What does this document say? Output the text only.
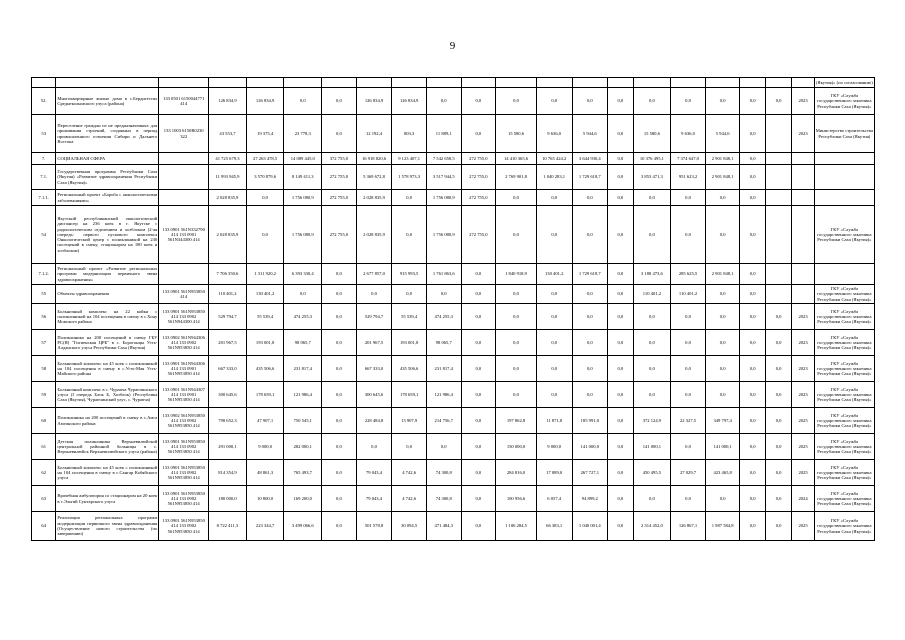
9
																					(Якутия)» (по согласованию)
52.	Многоквартирные жилые дома в с.Бердигестях Среднеколымского улуса (района)	133 0501 6150044771 414	126 834,9	126 834,9	0,0	0,0	126 834,9	126 834,9	0,0	0,0	0,0	0,0	0,0	0,0	0,0	0,0	0,0	0,0	0,0	2023	ГКУ «Служба государственного заказчика Республики Саха (Якутия)»
53	Переселение граждан из не предназначенных для проживания строений, созданных в период промышленного освоения Сибири и Дальнего Востока	133 1003 6150R0230 322	43 553,7	19 375,4	23 778,3	0,0	12 192,4	803,3	11 889,1	0,0	15 580,6	9 636,0	5 944,6	0,0	15 580,6	9 636,0	5 944,6	0,0		2023	Министерство строительства Республики Саха (Якутия)
7.	СОЦИАЛЬНАЯ СФЕРА		41 725 679,3	27 263 478,5	14 089 445,0	372 755,0	16 918 820,6	9 123 407,1	7 542 658,5	272 755,0	14 410 365,6	10 765 424,2	3 644 930,4	0,0	10 376 495,1	7 374 647,0	2 901 848,1	0,0			
7.1.	Государственная программа Республики Саха (Якутия) «Развитие здравоохранения Республики Саха (Якутия)»		11 993 945,9	3 570 879,6	8 149 411,3	272 755,0	5 369 672,8	1 578 973,3	3 517 944,5	272 755,0	2 769 901,8	1 040 283,1	1 729 618,7	0,0	3 853 471,3	951 623,2	2 901 848,1	0,0			
7.1.1.	Региональный проект «Борьба с онкологическими заболеваниями»		2 028 835,9	0,0	1 756 080,9	272 755,0	2 028 835,9	0,0	1 756 080,9	272 755,0	0,0	0,0	0,0	0,0	0,0	0,0	0,0	0,0			
54	Якутский республиканский онкологический диспансер на 236 коек в г. Якутске с радиологическим отделением и хозблоком (2-ая очередь: первого пускового комплекса Онкологический центр с поликлиникой на 230 посещений в смену, стационаром на 180 коек и хозблоком)	133 0901 561N332790 414 133 0901 561N344300 414	2 028 835,9	0,0	1 756 080,9	272 755,0	2 028 835,9	0,0	1 756 080,9	272 755,0	0,0	0,0	0,0	0,0	0,0	0,0	0,0	0,0			ГКУ «Служба государственного заказчика Республики Саха (Якутия)»
7.1.2.	Региональный проект «Развитие региональных программ модернизации первичного звена здравоохранения»		7 706 350,6	1 311 920,2	6 393 330,4	0,0	2 677 857,0	915 993,5	1 761 863,6	0,0	1 840 918,9	130 401,2	1 729 618,7	0,0	3 188 473,6	285 625,5	2 901 848,1	0,0			
55	Объекты здравоохранения	133 0901 561N953850 414	110 401,2	130 401,2	0,0	0,0	0,0	0,0	0,0	0,0	0,0	0,0	0,0	0,0	110 401,2	110 401,2	0,0	0,0			ГКУ «Служба государственного заказчика Республики Саха (Якутия)»
56	Больничный комплекс на 22 койки с поликлиникой на 104 посещения в смену в с.Хону Момского района	133 0901 561N953850 414 133 0902 561N944300 414	529 794,7	55 539,4	474 255,3	0,0	529 794,7	55 539,4	474 255,3	0,0	0,0	0,0	0,0	0,0	0,0	0,0	0,0	0,0	0,0	2023	ГКУ «Служба государственного заказчика Республики Саха (Якутия)»
57	Поликлиника на 200 посещений в смену ГБУ РС(Я) "Гигиенская ЦРБ" в с. Борогонцы Усть-Алданского улуса Республики Саха (Якутия)	133 0902 561N944306 414 133 0902 561N953850 414	201 967,5	193 001,8	98 065,7	0,0	201 967,5	193 001,8	98 065,7	0,0	0,0	0,0	0,0	0,0	0,0	0,0	0,0	0,0	0,0	2023	ГКУ «Служба государственного заказчика Республики Саха (Якутия)»
58	Больничный комплекс на 45 коек с поликлиникой на 104 посещения в смену в с.Усть-Мая Усть-Майского района	133 0901 561N944306 414 133 0901 561N953850 414	667 333,0	435 506,6	231 817,4	0,0	667 333,0	435 506,6	231 817,4	0,0	0,0	0,0	0,0	0,0	0,0	0,0	0,0	0,0	0,0	2023	ГКУ «Служба государственного заказчика Республики Саха (Якутия)»
59	Больничный комплекс в с. Чурапча Чурапчинского улуса (I очередь Блок Б, Хозблок) (Республика Саха (Якутия), Чурапчинский улус, с. Чурапча)	133 0901 561N944307 414 133 0901 561N953850 414	300 645,6	178 659,1	121 986,4	0,0	300 645,6	178 659,1	121 986,4	0,0	0,0	0,0	0,0	0,0	0,0	0,0	0,0	0,0	0,0	2023	ГКУ «Служба государственного заказчика Республики Саха (Якутия)»
60	Поликлиника на 200 посещений в смену в с.Амга Амгинского района	133 0902 561N953850 414 133 0902 561N953850 414	798 652,3	47 907,1	750 545,1	0,0	228 484,8	13 907,9	214 756,7	0,0	197 862,8	11 871,8	185 991,0	0,0	372 124,9	22 327,5	349 797,4	0,0	0,0	2025	ГКУ «Служба государственного заказчика Республики Саха (Якутия)»
61	Детская поликлиника Верхневилюйской центральной районной больницы в с. Верхневилюйск Верхневилюйского улуса (района)	133 0901 561N953850 414 133 0902 561N953850 414	291 000,1	9 000,0	282 000,1	0,0	0,0	0,0	0,0	0,0	150 000,0	9 000,0	141 000,0	0,0	141 000,1	0,0	141 000,1	0,0	0,0	2025	ГКУ «Служба государственного заказчика Республики Саха (Якутия)»
62	Больничный комплекс на 45 коек с поликлиникой на 104 посещения в смену в с.Сангар Кобяйского улуса	133 0901 561N953850 414 133 0902 561N953850 414	814 354,9	48 861,3	765 493,7	0,0	79 043,4	4 742,6	74 300,8	0,0	284 816,0	17 089,0	267 727,1	0,0	450 495,5	27 029,7	423 465,8	0,0	0,0	2025	ГКУ «Служба государственного заказчика Республики Саха (Якутия)»
63	Врачебная амбулатория со стационаром на 20 коек в с.Эльгяй Сунтарского улуса	133 0901 561N953850 414 133 0902 561N953850 414	180 000,0	10 800,0	169 200,0	0,0	79 043,4	4 742,6	74 300,8	0,0	100 956,6	6 057,4	94 899,2	0,0	0,0	0,0	0,0	0,0	0,0	2024	ГКУ «Служба государственного заказчика Республики Саха (Якутия)»
64	Реализация региональных программ модернизации первичного звена здравоохранения (Осуществление нового строительства (по завершению)	133 0901 561N953850 414 133 0902 561N953850 414	8 722 411,3	223 344,7	3 499 066,6	0,0	501 578,8	30 094,5	471 484,3	0,0	1 106 284,5	66 383,1	1 040 001,4	0,0	2 314 452,0	126 867,1	1 987 584,8	0,0	0,0	2025	ГКУ «Служба государственного заказчика Республики Саха (Якутия)»
